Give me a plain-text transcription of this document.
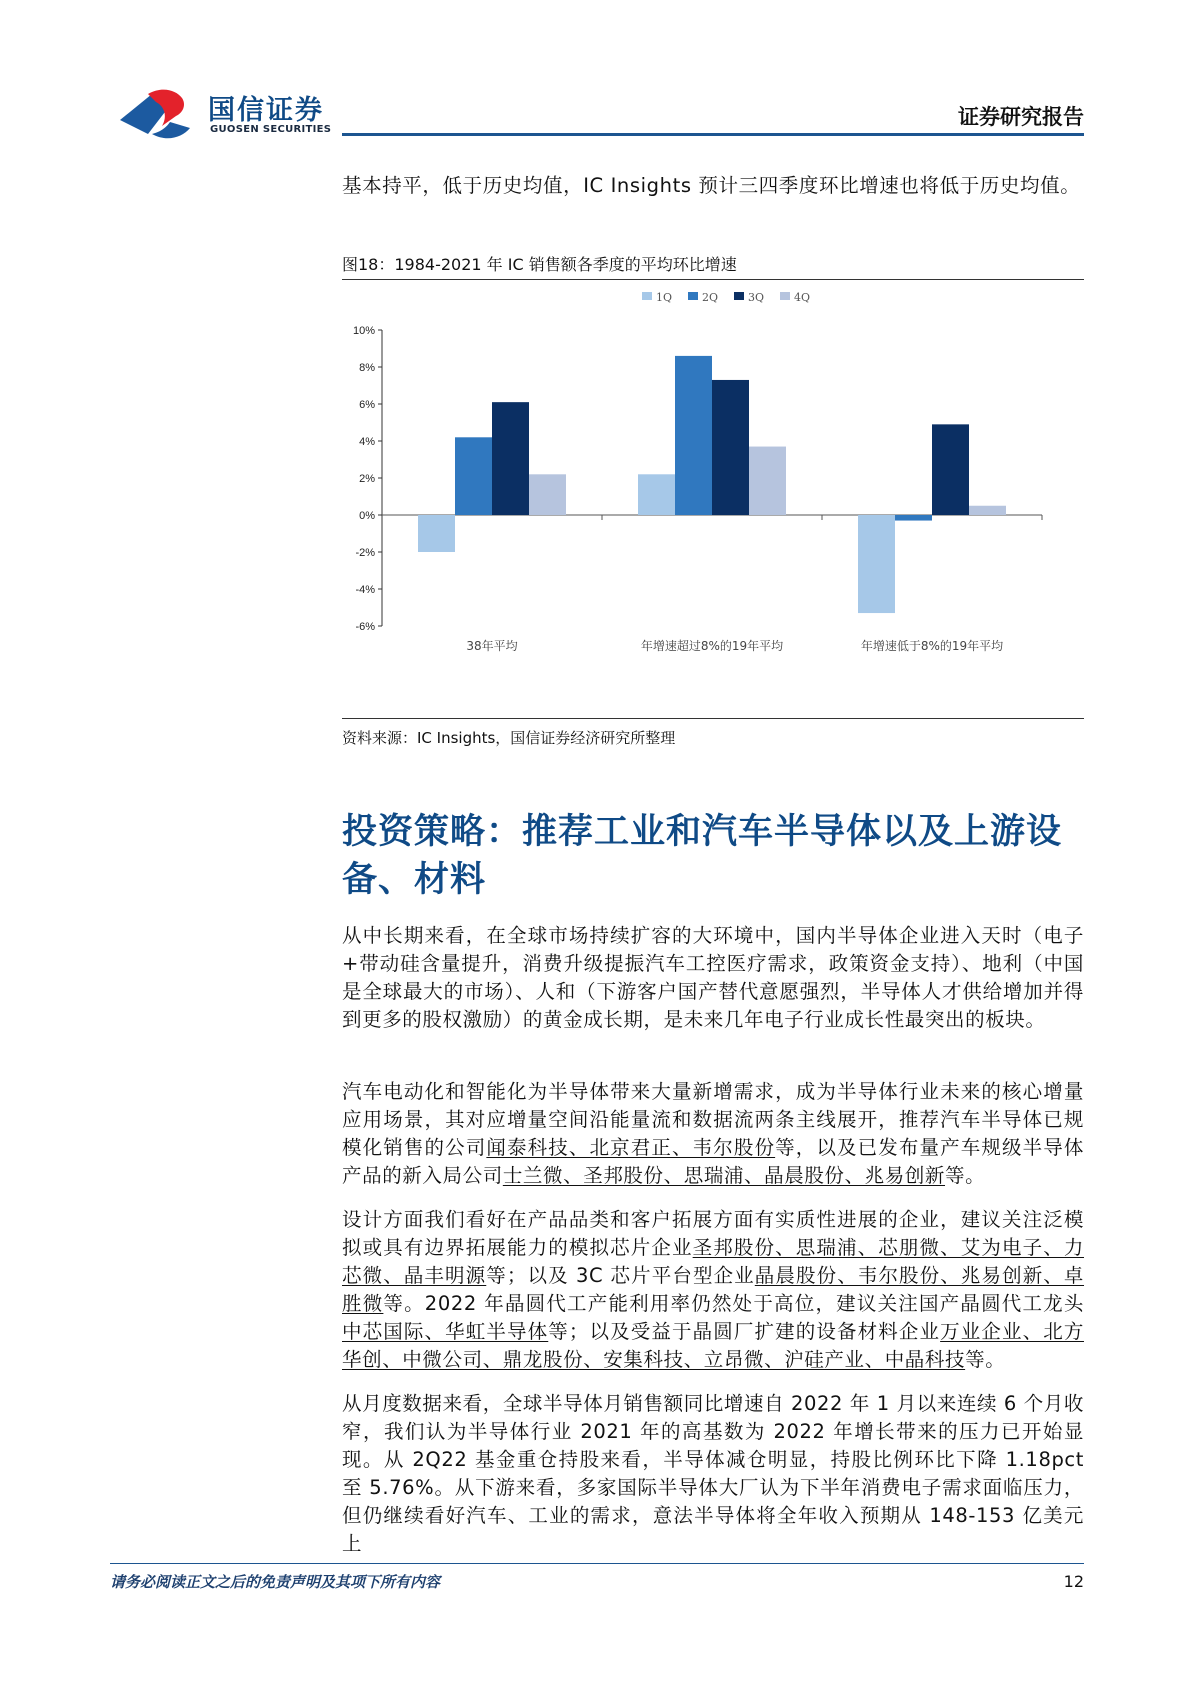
国信证券
GUOSEN SECURITIES
证券研究报告
基本持平，低于历史均值，IC Insights 预计三四季度环比增速也将低于历史均值。
图18：1984-2021 年 IC 销售额各季度的平均环比增速
1Q	2Q	3Q	4Q
10%
8%
6%
4%
2%
0%
-2%
-4%
-6%
38年平均	年增速超过8%的19年平均	年增速低于8%的19年平均
资料来源：IC Insights，国信证券经济研究所整理
投资策略：推荐工业和汽车半导体以及上游设备、材料
从中长期来看，在全球市场持续扩容的大环境中，国内半导体企业进入天时（电子+带动硅含量提升，消费升级提振汽车工控医疗需求，政策资金支持）、地利（中国是全球最大的市场）、人和（下游客户国产替代意愿强烈，半导体人才供给增加并得到更多的股权激励）的黄金成长期，是未来几年电子行业成长性最突出的板块。
汽车电动化和智能化为半导体带来大量新增需求，成为半导体行业未来的核心增量应用场景，其对应增量空间沿能量流和数据流两条主线展开，推荐汽车半导体已规模化销售的公司闻泰科技、北京君正、韦尔股份等，以及已发布量产车规级半导体产品的新入局公司士兰微、圣邦股份、思瑞浦、晶晨股份、兆易创新等。
设计方面我们看好在产品品类和客户拓展方面有实质性进展的企业，建议关注泛模拟或具有边界拓展能力的模拟芯片企业圣邦股份、思瑞浦、芯朋微、艾为电子、力芯微、晶丰明源等；以及 3C 芯片平台型企业晶晨股份、韦尔股份、兆易创新、卓胜微等。2022 年晶圆代工产能利用率仍然处于高位，建议关注国产晶圆代工龙头中芯国际、华虹半导体等；以及受益于晶圆厂扩建的设备材料企业万业企业、北方华创、中微公司、鼎龙股份、安集科技、立昂微、沪硅产业、中晶科技等。
从月度数据来看，全球半导体月销售额同比增速自 2022 年 1 月以来连续 6 个月收窄，我们认为半导体行业 2021 年的高基数为 2022 年增长带来的压力已开始显现。从 2Q22 基金重仓持股来看，半导体减仓明显，持股比例环比下降 1.18pct 至 5.76%。从下游来看，多家国际半导体大厂认为下半年消费电子需求面临压力，但仍继续看好汽车、工业的需求，意法半导体将全年收入预期从 148-153 亿美元上
请务必阅读正文之后的免责声明及其项下所有内容	12
